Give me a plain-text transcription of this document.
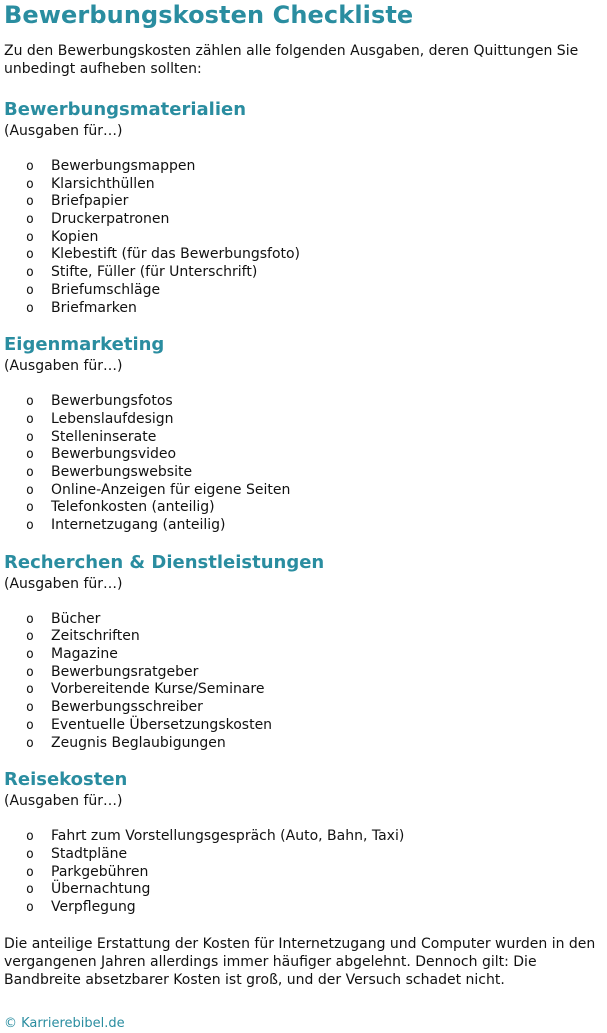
Bewerbungskosten Checkliste

Zu den Bewerbungskosten zählen alle folgenden Ausgaben, deren Quittungen Sie unbedingt aufheben sollten:

Bewerbungsmaterialien

(Ausgaben für…)

o Bewerbungsmappen
o Klarsichthüllen
o Briefpapier
o Druckerpatronen
o Kopien
o Klebestift (für das Bewerbungsfoto)
o Stifte, Füller (für Unterschrift)
o Briefumschläge
o Briefmarken
Eigenmarketing

(Ausgaben für…)

o Bewerbungsfotos
o Lebenslaufdesign
o Stelleninserate
o Bewerbungsvideo
o Bewerbungswebsite
o Online-Anzeigen für eigene Seiten
o Telefonkosten (anteilig)
o Internetzugang (anteilig)
Recherchen & Dienstleistungen

(Ausgaben für…)

o Bücher
o Zeitschriften
o Magazine
o Bewerbungsratgeber
o Vorbereitende Kurse/Seminare
o Bewerbungsschreiber
o Eventuelle Übersetzungskosten
o Zeugnis Beglaubigungen
Reisekosten

(Ausgaben für…)

o Fahrt zum Vorstellungsgespräch (Auto, Bahn, Taxi)
o Stadtpläne
o Parkgebühren
o Übernachtung
o Verpflegung

Die anteilige Erstattung der Kosten für Internetzugang und Computer wurden in den vergangenen Jahren allerdings immer häufiger abgelehnt. Dennoch gilt: Die Bandbreite absetzbarer Kosten ist groß, und der Versuch schadet nicht.

© Karrierebibel.de
